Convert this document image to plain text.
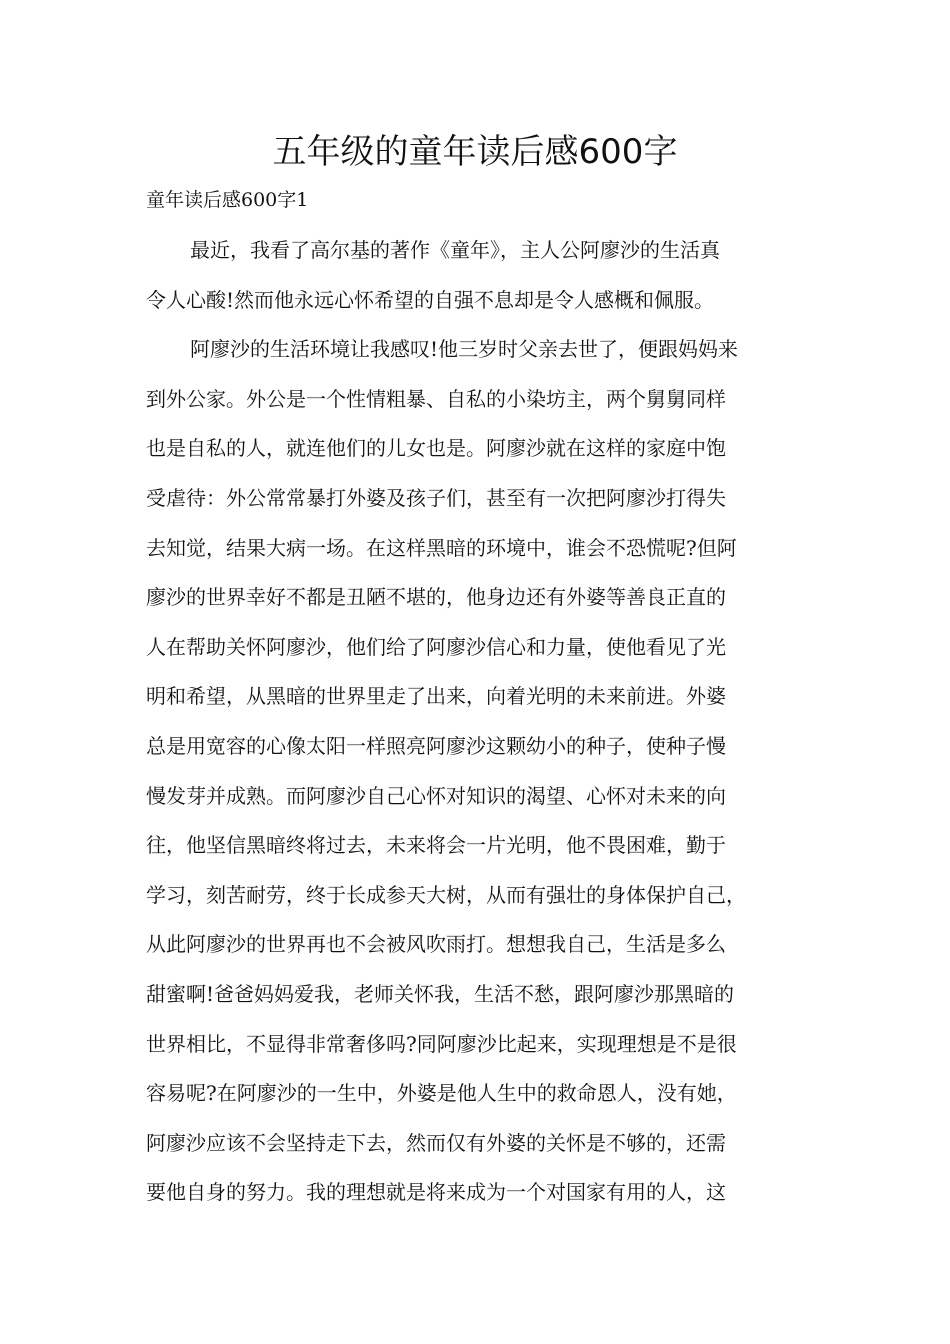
五年级的童年读后感600字
童年读后感600字1
最近，我看了高尔基的著作《童年》，主人公阿廖沙的生活真
令人心酸!然而他永远心怀希望的自强不息却是令人感概和佩服。
阿廖沙的生活环境让我感叹!他三岁时父亲去世了，便跟妈妈来
到外公家。外公是一个性情粗暴、自私的小染坊主，两个舅舅同样
也是自私的人，就连他们的儿女也是。阿廖沙就在这样的家庭中饱
受虐待：外公常常暴打外婆及孩子们，甚至有一次把阿廖沙打得失
去知觉，结果大病一场。在这样黑暗的环境中，谁会不恐慌呢?但阿
廖沙的世界幸好不都是丑陋不堪的，他身边还有外婆等善良正直的
人在帮助关怀阿廖沙，他们给了阿廖沙信心和力量，使他看见了光
明和希望，从黑暗的世界里走了出来，向着光明的未来前进。外婆
总是用宽容的心像太阳一样照亮阿廖沙这颗幼小的种子，使种子慢
慢发芽并成熟。而阿廖沙自己心怀对知识的渴望、心怀对未来的向
往，他坚信黑暗终将过去，未来将会一片光明，他不畏困难，勤于
学习，刻苦耐劳，终于长成参天大树，从而有强壮的身体保护自己，
从此阿廖沙的世界再也不会被风吹雨打。想想我自己，生活是多么
甜蜜啊!爸爸妈妈爱我，老师关怀我，生活不愁，跟阿廖沙那黑暗的
世界相比，不显得非常奢侈吗?同阿廖沙比起来，实现理想是不是很
容易呢?在阿廖沙的一生中，外婆是他人生中的救命恩人，没有她，
阿廖沙应该不会坚持走下去，然而仅有外婆的关怀是不够的，还需
要他自身的努力。我的理想就是将来成为一个对国家有用的人，这
